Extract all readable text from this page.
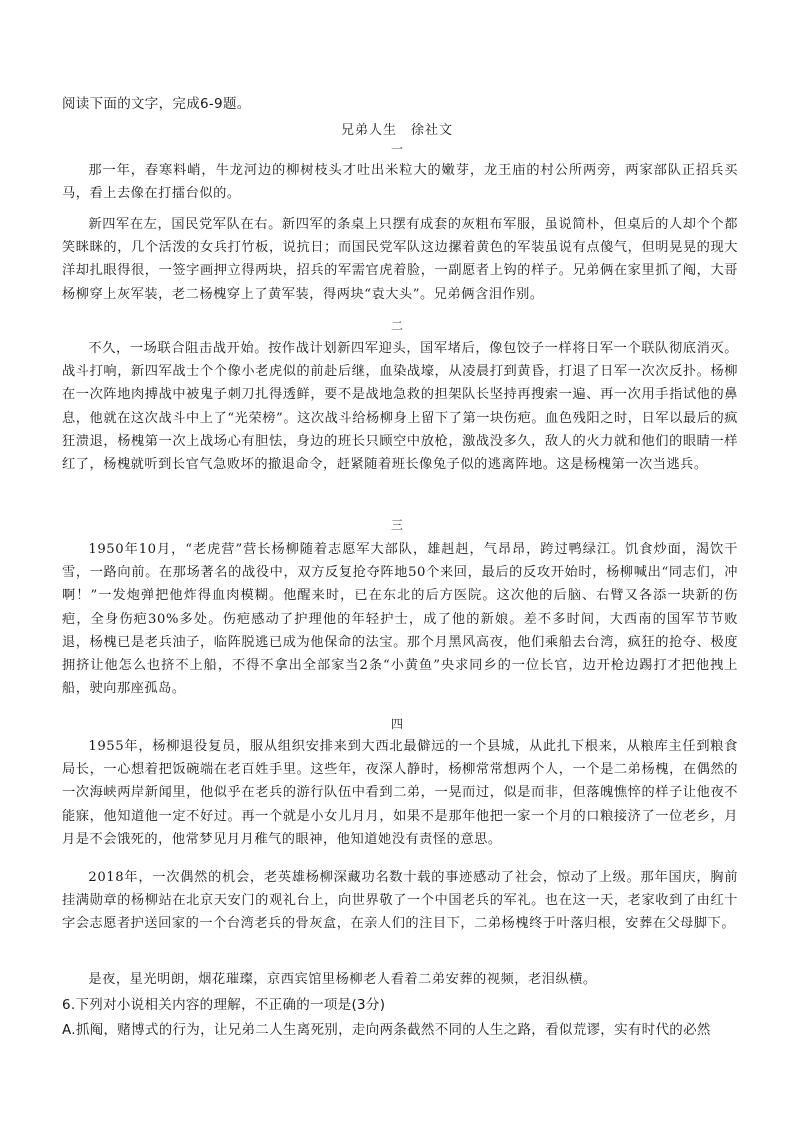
阅读下面的文字，完成6-9题。
兄弟人生 徐社文
一
那一年，春寒料峭，牛龙河边的柳树枝头才吐出米粒大的嫩芽，龙王庙的村公所两旁，两家部队正招兵买马，看上去像在打擂台似的。
新四军在左，国民党军队在右。新四军的条桌上只摆有成套的灰粗布军服，虽说简朴，但桌后的人却个个都笑眯眯的，几个活泼的女兵打竹板，说抗日；而国民党军队这边摞着黄色的军装虽说有点傻气，但明晃晃的现大洋却扎眼得很，一签字画押立得两块，招兵的军需官虎着脸，一副愿者上钩的样子。兄弟俩在家里抓了阄，大哥杨柳穿上灰军装，老二杨槐穿上了黄军装，得两块“袁大头”。兄弟俩含泪作别。
二
不久，一场联合阻击战开始。按作战计划新四军迎头，国军堵后，像包饺子一样将日军一个联队彻底消灭。战斗打响，新四军战士个个像小老虎似的前赴后继，血染战壕，从凌晨打到黄昏，打退了日军一次次反扑。杨柳在一次阵地肉搏战中被鬼子刺刀扎得透鲜，要不是战地急救的担架队长坚持再搜索一遍、再一次用手指试他的鼻息，他就在这次战斗中上了“光荣榜”。这次战斗给杨柳身上留下了第一块伤疤。血色残阳之时，日军以最后的疯狂溃退，杨槐第一次上战场心有胆怯，身边的班长只顾空中放枪，激战没多久，敌人的火力就和他们的眼睛一样红了，杨槐就听到长官气急败坏的撤退命令，赶紧随着班长像兔子似的逃离阵地。这是杨槐第一次当逃兵。
三
1950年10月，“老虎营”营长杨柳随着志愿军大部队，雄赳赳，气昂昂，跨过鸭绿江。饥食炒面，渴饮干雪，一路向前。在那场著名的战役中，双方反复抢夺阵地50个来回，最后的反攻开始时，杨柳喊出“同志们，冲啊！”一发炮弹把他炸得血肉模糊。他醒来时，已在东北的后方医院。这次他的后脑、右臂又各添一块新的伤疤，全身伤疤30%多处。伤疤感动了护理他的年轻护士，成了他的新娘。差不多时间，大西南的国军节节败退，杨槐已是老兵油子，临阵脱逃已成为他保命的法宝。那个月黑风高夜，他们乘船去台湾，疯狂的抢夺、极度拥挤让他怎么也挤不上船，不得不拿出全部家当2条“小黄鱼”央求同乡的一位长官，边开枪边踢打才把他拽上船，驶向那座孤岛。
四
1955年，杨柳退役复员，服从组织安排来到大西北最僻远的一个县城，从此扎下根来，从粮库主任到粮食局长，一心想着把饭碗端在老百姓手里。这些年，夜深人静时，杨柳常常想两个人，一个是二弟杨槐，在偶然的一次海峡两岸新闻里，他似乎在老兵的游行队伍中看到二弟，一晃而过，似是而非，但落魄憔悴的样子让他夜不能寐，他知道他一定不好过。再一个就是小女儿月月，如果不是那年他把一家一个月的口粮接济了一位老乡，月月是不会饿死的，他常梦见月月稚气的眼神，他知道她没有责怪的意思。
2018年，一次偶然的机会，老英雄杨柳深藏功名数十载的事迹感动了社会，惊动了上级。那年国庆，胸前挂满勋章的杨柳站在北京天安门的观礼台上，向世界敬了一个中国老兵的军礼。也在这一天，老家收到了由红十字会志愿者护送回家的一个台湾老兵的骨灰盒，在亲人们的注目下，二弟杨槐终于叶落归根，安葬在父母脚下。
是夜，星光明朗，烟花璀璨，京西宾馆里杨柳老人看着二弟安葬的视频，老泪纵横。
6.下列对小说相关内容的理解，不正确的一项是(3分)
A.抓阄，赌博式的行为，让兄弟二人生离死别，走向两条截然不同的人生之路，看似荒谬，实有时代的必然
